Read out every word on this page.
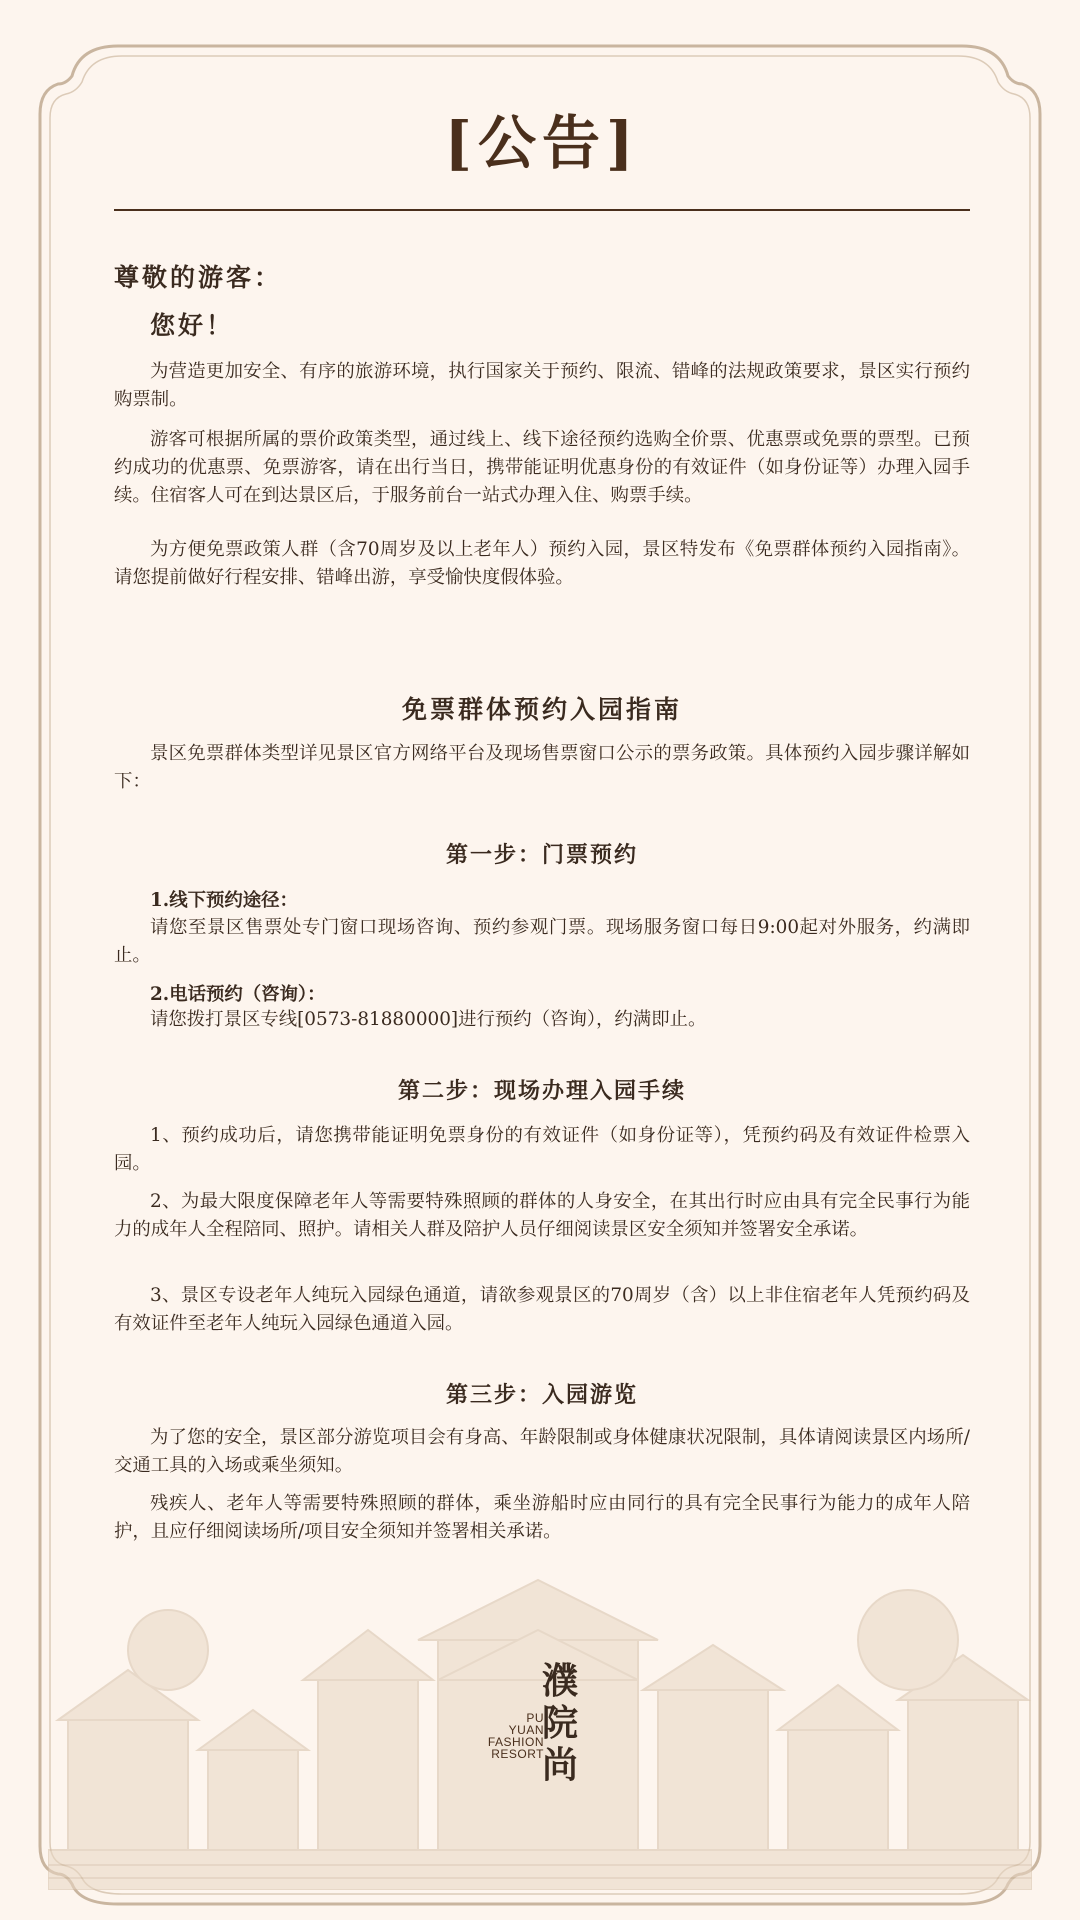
[公告]
尊敬的游客：
您好！
为营造更加安全、有序的旅游环境，执行国家关于预约、限流、错峰的法规政策要求，景区实行预约购票制。
游客可根据所属的票价政策类型，通过线上、线下途径预约选购全价票、优惠票或免票的票型。已预约成功的优惠票、免票游客，请在出行当日，携带能证明优惠身份的有效证件（如身份证等）办理入园手续。住宿客人可在到达景区后，于服务前台一站式办理入住、购票手续。
为方便免票政策人群（含70周岁及以上老年人）预约入园，景区特发布《免票群体预约入园指南》。请您提前做好行程安排、错峰出游，享受愉快度假体验。
免票群体预约入园指南
景区免票群体类型详见景区官方网络平台及现场售票窗口公示的票务政策。具体预约入园步骤详解如下：
第一步：门票预约
1.线下预约途径：
请您至景区售票处专门窗口现场咨询、预约参观门票。现场服务窗口每日9:00起对外服务，约满即止。
2.电话预约（咨询）：
请您拨打景区专线[0573-81880000]进行预约（咨询），约满即止。
第二步：现场办理入园手续
1、预约成功后，请您携带能证明免票身份的有效证件（如身份证等），凭预约码及有效证件检票入园。
2、为最大限度保障老年人等需要特殊照顾的群体的人身安全，在其出行时应由具有完全民事行为能力的成年人全程陪同、照护。请相关人群及陪护人员仔细阅读景区安全须知并签署安全承诺。
3、景区专设老年人纯玩入园绿色通道，请欲参观景区的70周岁（含）以上非住宿老年人凭预约码及有效证件至老年人纯玩入园绿色通道入园。
第三步：入园游览
为了您的安全，景区部分游览项目会有身高、年龄限制或身体健康状况限制，具体请阅读景区内场所/交通工具的入场或乘坐须知。
残疾人、老年人等需要特殊照顾的群体，乘坐游船时应由同行的具有完全民事行为能力的成年人陪护，且应仔细阅读场所/项目安全须知并签署相关承诺。
PU
YUAN
FASHION
RESORT
濮
院
尚
